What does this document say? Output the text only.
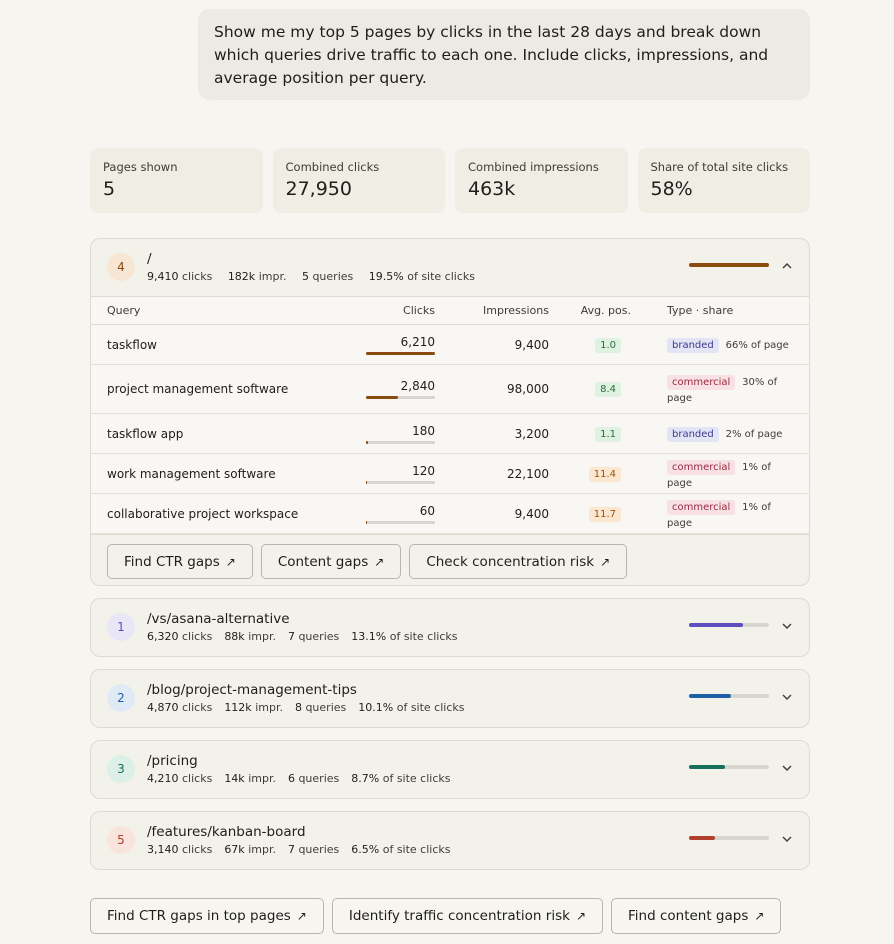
Show me my top 5 pages by clicks in the last 28 days and break down which queries drive traffic to each one. Include clicks, impressions, and average position per query.
Pages shown
5
Combined clicks
27,950
Combined impressions
463k
Share of total site clicks
58%
4	/
9,410 clicks 182k impr. 5 queries 19.5% of site clicks
Query	Clicks	Impressions	Avg. pos.	Type · share
taskflow	6,210	9,400	1.0	branded 66% of page
project management software	2,840	98,000	8.4	commercial 30% of page
taskflow app	180	3,200	1.1	branded 2% of page
work management software	120	22,100	11.4	commercial 1% of page
collaborative project workspace	60	9,400	11.7	commercial 1% of page
Find CTR gaps ↗	Content gaps ↗	Check concentration risk ↗
1	/vs/asana-alternative
6,320 clicks 88k impr. 7 queries 13.1% of site clicks
2	/blog/project-management-tips
4,870 clicks 112k impr. 8 queries 10.1% of site clicks
3	/pricing
4,210 clicks 14k impr. 6 queries 8.7% of site clicks
5	/features/kanban-board
3,140 clicks 67k impr. 7 queries 6.5% of site clicks
Find CTR gaps in top pages ↗	Identify traffic concentration risk ↗	Find content gaps ↗
